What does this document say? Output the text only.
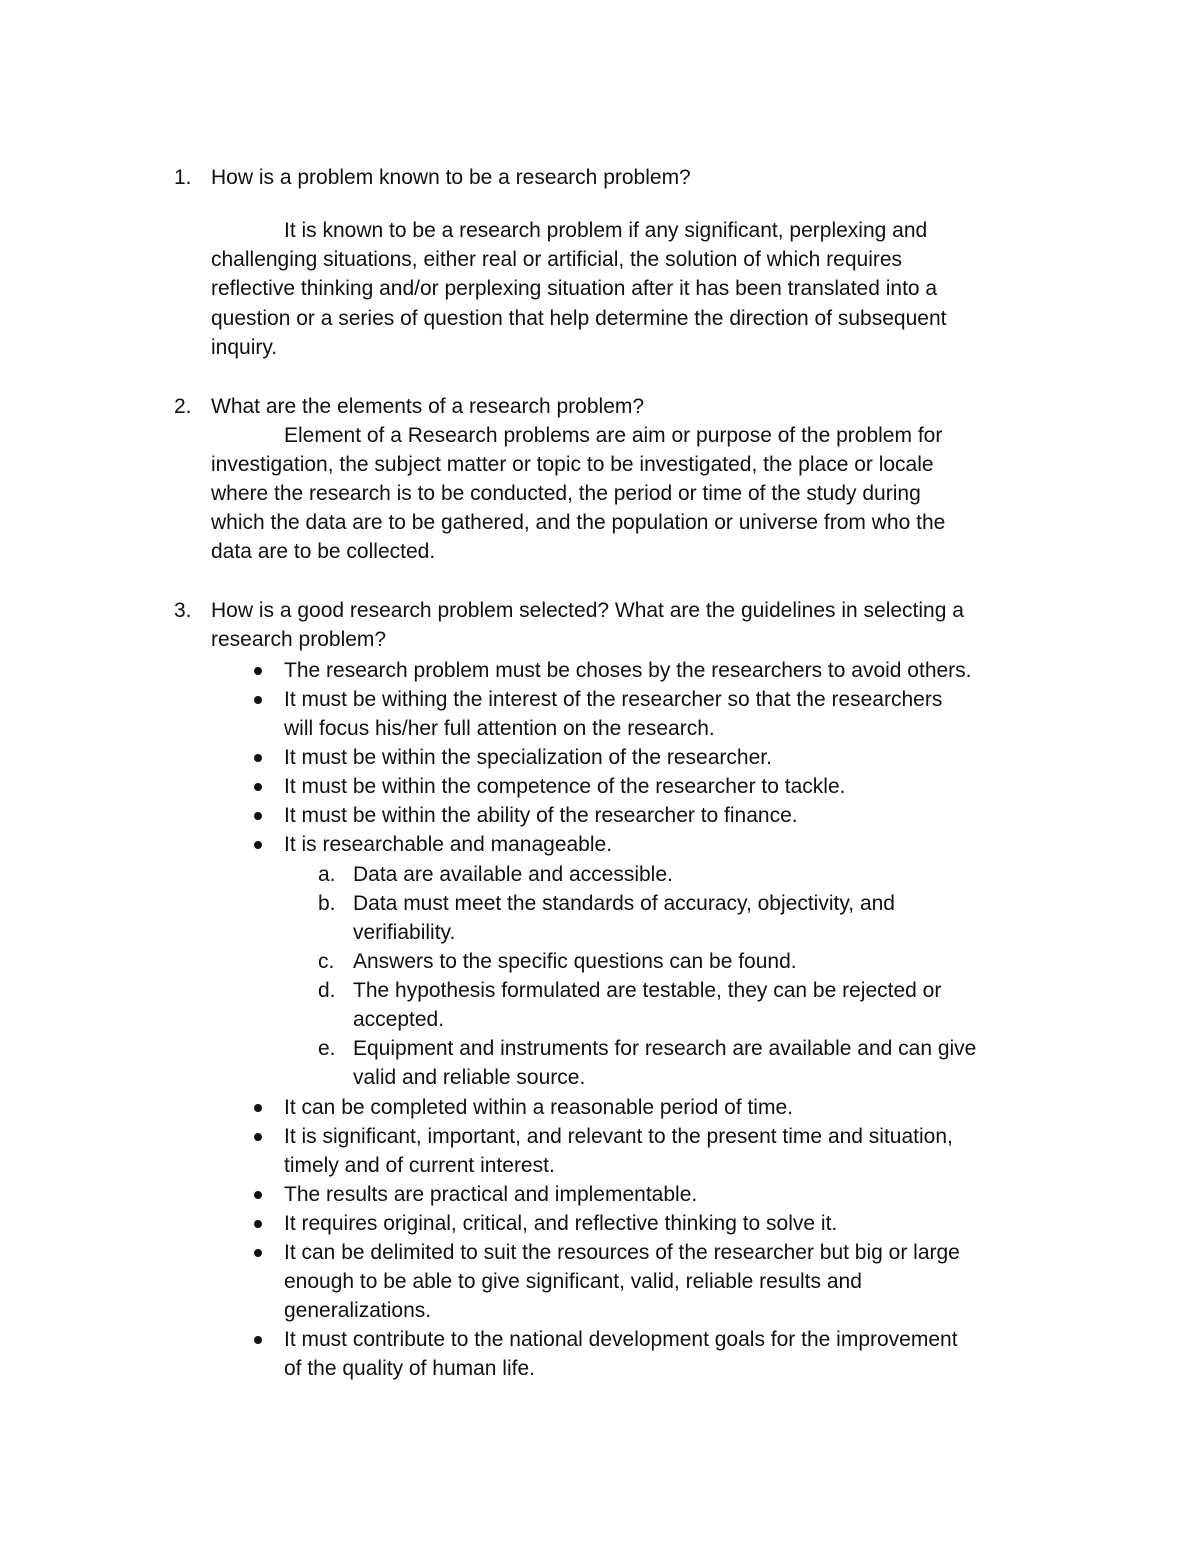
1. How is a problem known to be a research problem?

It is known to be a research problem if any significant, perplexing and

challenging situations, either real or artificial, the solution of which requires

reflective thinking and/or perplexing situation after it has been translated into a

question or a series of question that help determine the direction of subsequent

inquiry.

2. What are the elements of a research problem?

Element of a Research problems are aim or purpose of the problem for

investigation, the subject matter or topic to be investigated, the place or locale

where the research is to be conducted, the period or time of the study during

which the data are to be gathered, and the population or universe from who the

data are to be collected.

3. How is a good research problem selected? What are the guidelines in selecting a

research problem?

The research problem must be choses by the researchers to avoid others.

It must be withing the interest of the researcher so that the researchers

will focus his/her full attention on the research.

It must be within the specialization of the researcher.

It must be within the competence of the researcher to tackle.

It must be within the ability of the researcher to finance.

It is researchable and manageable.

a. Data are available and accessible.

b. Data must meet the standards of accuracy, objectivity, and

verifiability.

c. Answers to the specific questions can be found.

d. The hypothesis formulated are testable, they can be rejected or

accepted.

e. Equipment and instruments for research are available and can give

valid and reliable source.

It can be completed within a reasonable period of time.

It is significant, important, and relevant to the present time and situation,

timely and of current interest.

The results are practical and implementable.

It requires original, critical, and reflective thinking to solve it.

It can be delimited to suit the resources of the researcher but big or large

enough to be able to give significant, valid, reliable results and

generalizations.

It must contribute to the national development goals for the improvement

of the quality of human life.
